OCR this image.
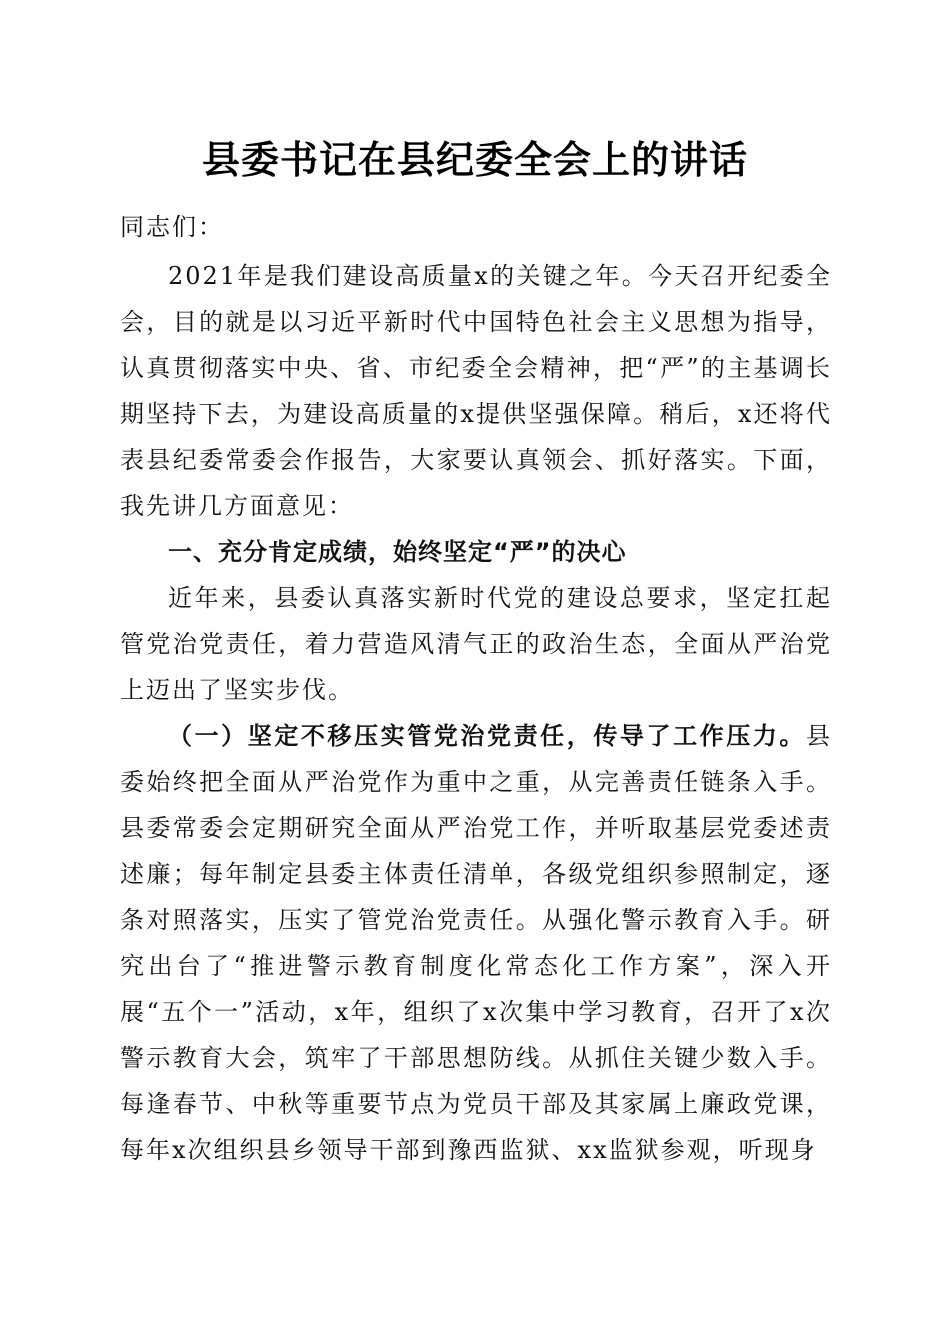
县委书记在县纪委全会上的讲话

同志们：

2021年是我们建设高质量x的关键之年。今天召开纪委全会，目的就是以习近平新时代中国特色社会主义思想为指导，认真贯彻落实中央、省、市纪委全会精神，把“严”的主基调长期坚持下去，为建设高质量的x提供坚强保障。稍后，x还将代表县纪委常委会作报告，大家要认真领会、抓好落实。下面，我先讲几方面意见：

一、充分肯定成绩，始终坚定“严”的决心

近年来，县委认真落实新时代党的建设总要求，坚定扛起管党治党责任，着力营造风清气正的政治生态，全面从严治党上迈出了坚实步伐。

（一）坚定不移压实管党治党责任，传导了工作压力。县委始终把全面从严治党作为重中之重，从完善责任链条入手。县委常委会定期研究全面从严治党工作，并听取基层党委述责述廉；每年制定县委主体责任清单，各级党组织参照制定，逐条对照落实，压实了管党治党责任。从强化警示教育入手。研究出台了“推进警示教育制度化常态化工作方案”，深入开展“五个一”活动，x年，组织了x次集中学习教育，召开了x次警示教育大会，筑牢了干部思想防线。从抓住关键少数入手。每逢春节、中秋等重要节点为党员干部及其家属上廉政党课，每年x次组织县乡领导干部到豫西监狱、xx监狱参观，听现身
